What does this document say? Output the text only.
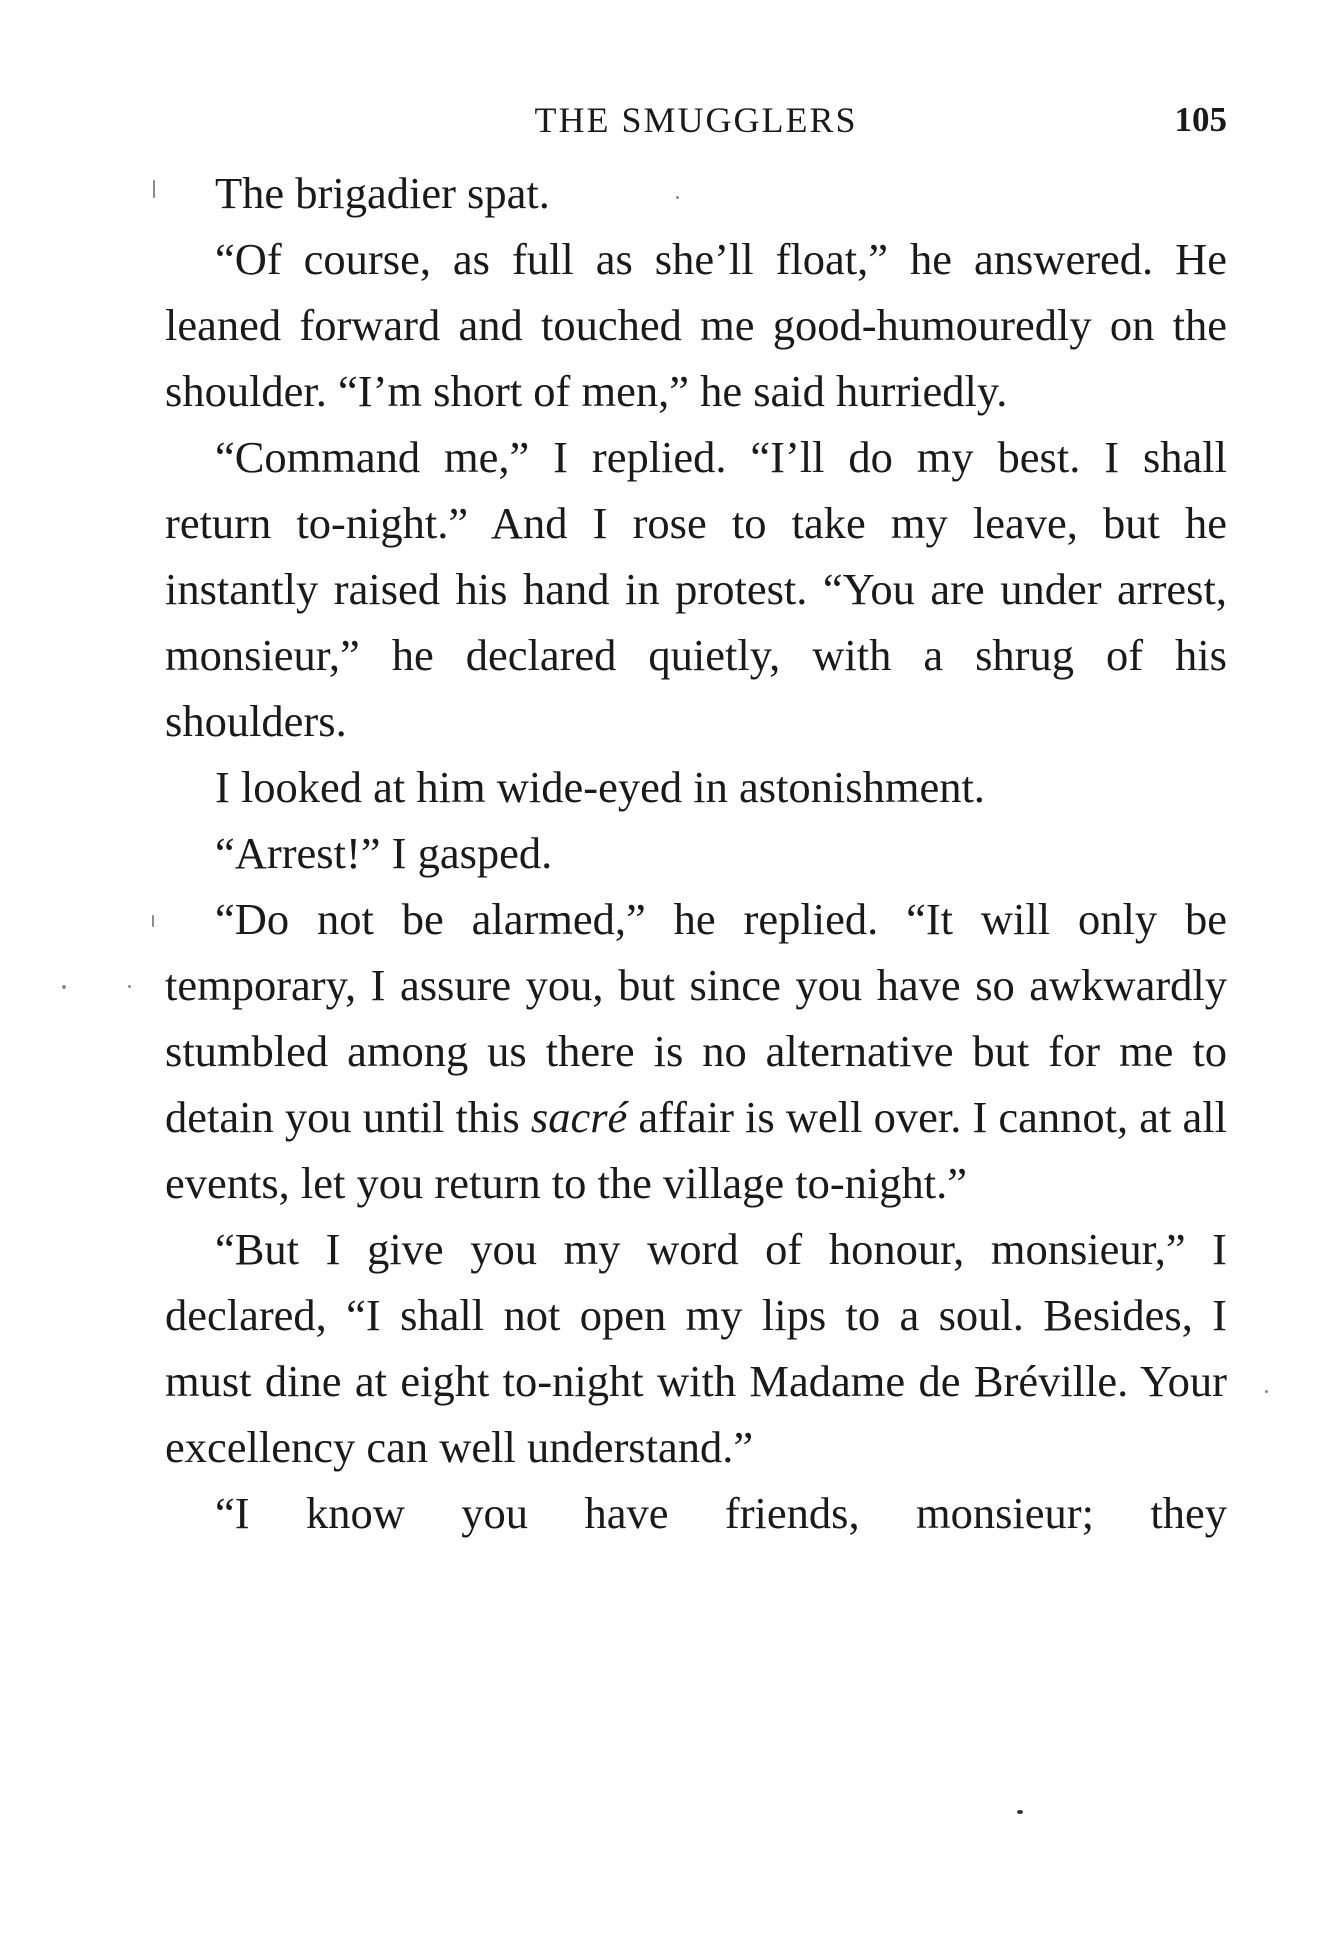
THE SMUGGLERS	105

The brigadier spat.

“Of course, as full as she’ll float,” he answered. He leaned forward and touched me good-humouredly on the shoulder. “I’m short of men,” he said hurriedly.

“Command me,” I replied. “I’ll do my best. I shall return to-night.” And I rose to take my leave, but he instantly raised his hand in protest. “You are under arrest, monsieur,” he declared quietly, with a shrug of his shoulders.

I looked at him wide-eyed in astonishment.

“Arrest!” I gasped.

“Do not be alarmed,” he replied. “It will only be temporary, I assure you, but since you have so awkwardly stumbled among us there is no alternative but for me to detain you until this sacré affair is well over. I cannot, at all events, let you return to the village to-night.”

“But I give you my word of honour, monsieur,” I declared, “I shall not open my lips to a soul. Besides, I must dine at eight to-night with Madame de Bréville. Your excellency can well understand.”

“I know you have friends, monsieur; they
